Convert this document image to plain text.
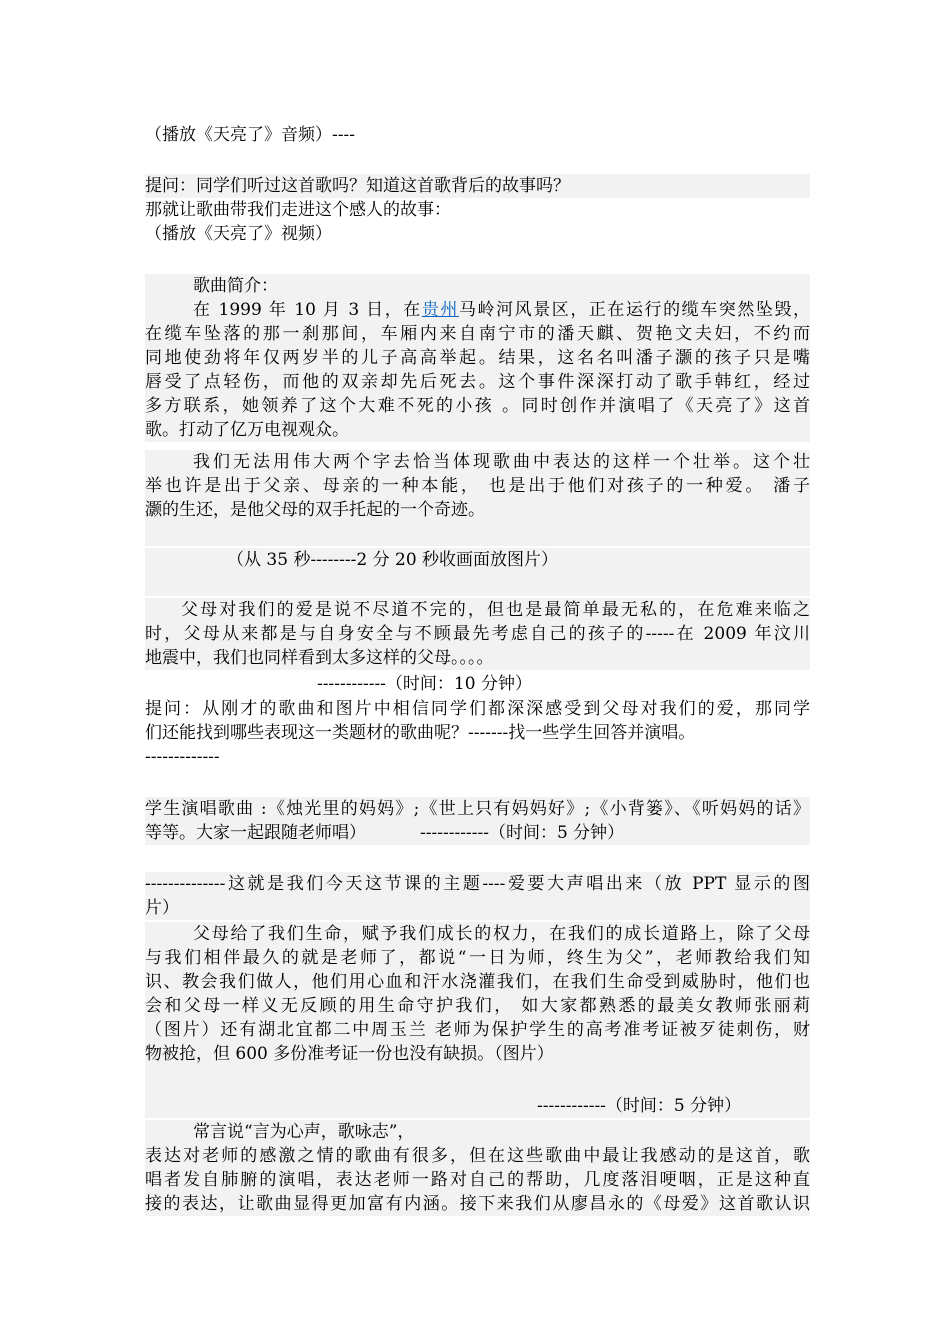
（播放《天亮了》音频）----
提问：同学们听过这首歌吗？知道这首歌背后的故事吗？
那就让歌曲带我们走进这个感人的故事：
（播放《天亮了》视频）
歌曲简介：
在 1999 年 10 月 3 日，在贵州马岭河风景区，正在运行的缆车突然坠毁，
在缆车坠落的那一刹那间，车厢内来自南宁市的潘天麒、贺艳文夫妇，不约而
同地使劲将年仅两岁半的儿子高高举起。结果，这名名叫潘子灏的孩子只是嘴
唇受了点轻伤，而他的双亲却先后死去。这个事件深深打动了歌手韩红，经过
多方联系，她领养了这个大难不死的小孩 。同时创作并演唱了《天亮了》这首
歌。打动了亿万电视观众。
我们无法用伟大两个字去恰当体现歌曲中表达的这样一个壮举。这个壮
举也许是出于父亲、母亲的一种本能， 也是出于他们对孩子的一种爱。 潘子
灏的生还，是他父母的双手托起的一个奇迹。
（从 35 秒--------2 分 20 秒收画面放图片）
父母对我们的爱是说不尽道不完的，但也是最简单最无私的，在危难来临之
时，父母从来都是与自身安全与不顾最先考虑自己的孩子的-----在 2009 年汶川
地震中，我们也同样看到太多这样的父母。。。。
------------（时间：10 分钟）
提问：从刚才的歌曲和图片中相信同学们都深深感受到父母对我们的爱，那同学
们还能找到哪些表现这一类题材的歌曲呢？-------找一些学生回答并演唱。
-------------
学生演唱歌曲 :《烛光里的妈妈》;《世上只有妈妈好》;《小背篓》、《听妈妈的话》
等等。大家一起跟随老师唱）          ------------（时间：5 分钟）
--------------这就是我们今天这节课的主题----爱要大声唱出来（放 PPT 显示的图
片）
父母给了我们生命，赋予我们成长的权力，在我们的成长道路上，除了父母
与我们相伴最久的就是老师了，都说“一日为师，终生为父”，老师教给我们知
识、教会我们做人，他们用心血和汗水浇灌我们，在我们生命受到威胁时，他们也
会和父母一样义无反顾的用生命守护我们， 如大家都熟悉的最美女教师张丽莉
（图片）还有湖北宜都二中周玉兰 老师为保护学生的高考准考证被歹徒刺伤，财
物被抢，但 600 多份准考证一份也没有缺损。（图片）
------------（时间：5 分钟）
常言说“言为心声，歌咏志”，
表达对老师的感激之情的歌曲有很多，但在这些歌曲中最让我感动的是这首，歌
唱者发自肺腑的演唱，表达老师一路对自己的帮助，几度落泪哽咽，正是这种直
接的表达，让歌曲显得更加富有内涵。接下来我们从廖昌永的《母爱》这首歌认识
